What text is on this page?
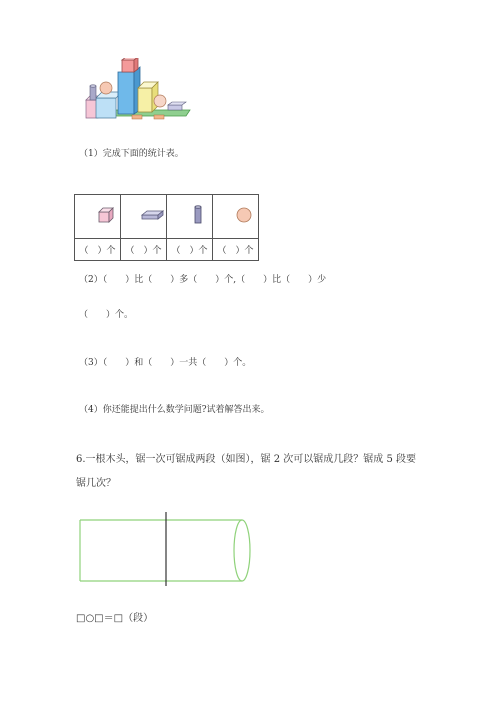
（1）完成下面的统计表。

（　）个	（　）个	（　）个	（　）个
（2）（　　）比（　　）多（　　）个,（　　）比（　　）少
（　　）个。
（3）（　　）和（　　）一共（　　）个。
（4）你还能提出什么数学问题?试着解答出来。
6.一根木头，锯一次可锯成两段（如图），锯 2 次可以锯成几段？锯成 5 段要
锯几次？
□○□＝□（段）
